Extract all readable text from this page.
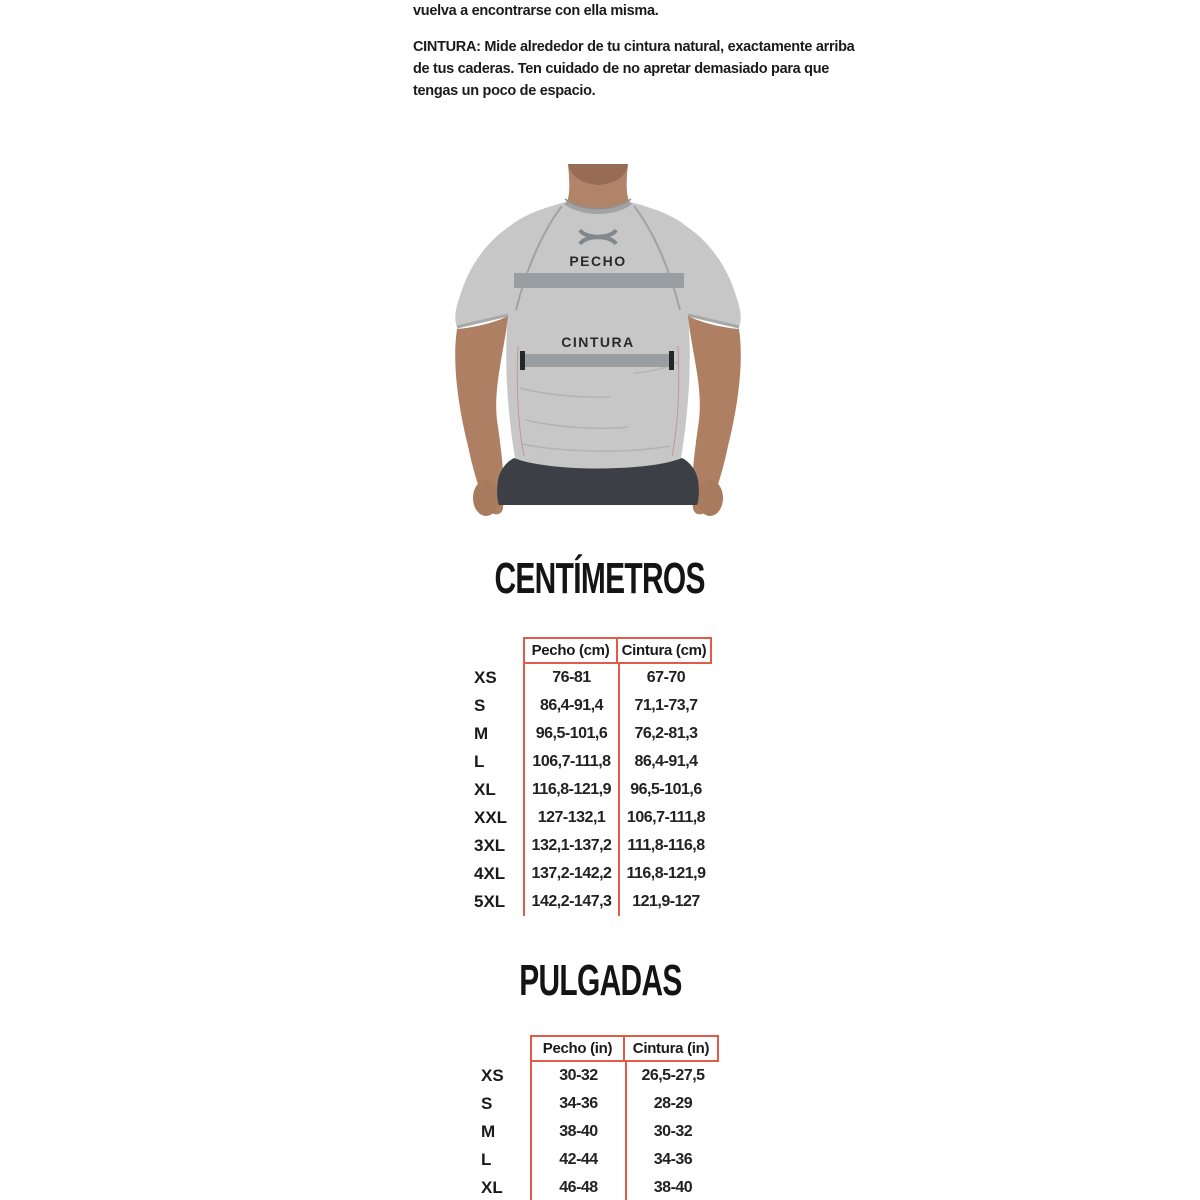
vuelva a encontrarse con ella misma.

CINTURA: Mide alrededor de tu cintura natural, exactamente arriba de tus caderas. Ten cuidado de no apretar demasiado para que tengas un poco de espacio.

PECHO
CINTURA
CENTÍMETROS
Pecho (cm) Cintura (cm)
XS	76-81	67-70
S	86,4-91,4	71,1-73,7
M	96,5-101,6	76,2-81,3
L	106,7-111,8	86,4-91,4
XL	116,8-121,9	96,5-101,6
XXL	127-132,1	106,7-111,8
3XL	132,1-137,2 111,8-116,8
4XL	137,2-142,2 116,8-121,9
5XL	142,2-147,3	121,9-127
PULGADAS
Pecho (in)	Cintura (in)
XS	30-32	26,5-27,5
S	34-36	28-29
M	38-40	30-32
L	42-44	34-36
XL	46-48	38-40
